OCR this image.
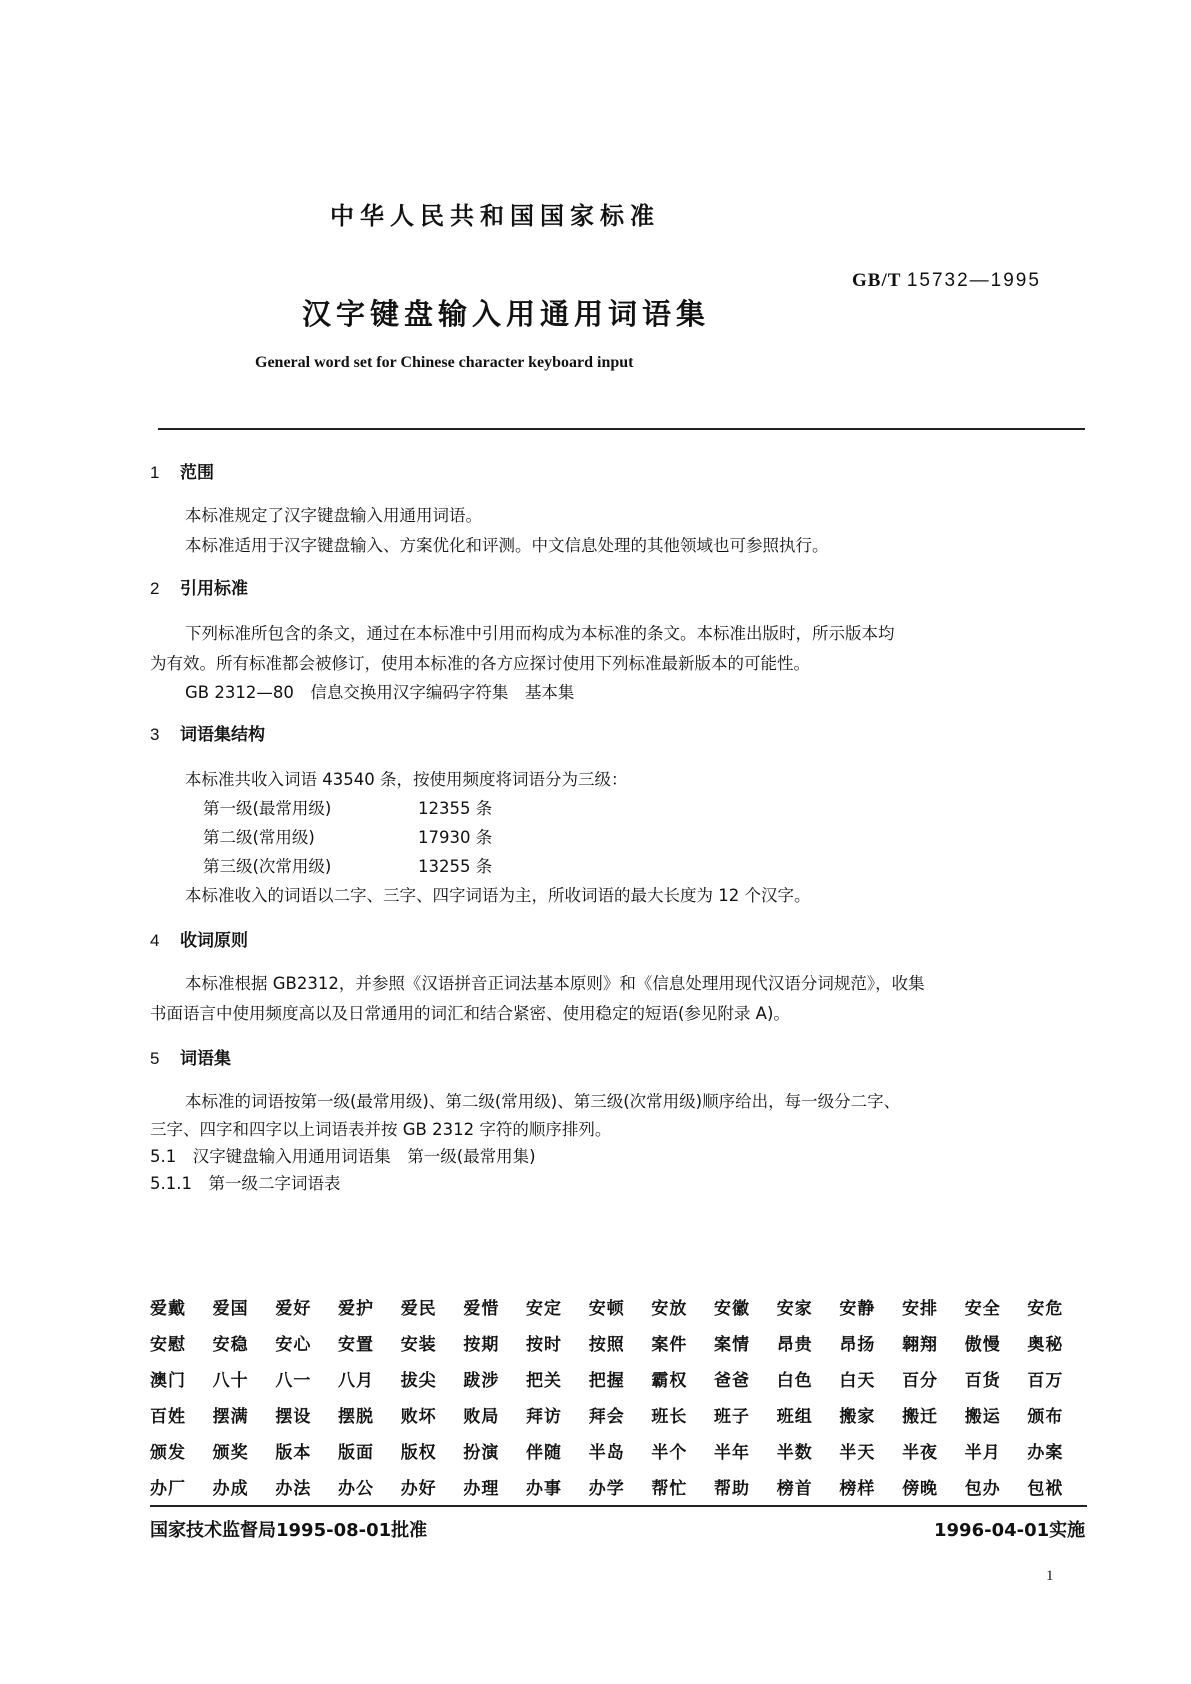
中华人民共和国国家标准
GB/T 15732—1995
汉字键盘输入用通用词语集
General word set for Chinese character keyboard input
1 范围
本标准规定了汉字键盘输入用通用词语。
本标准适用于汉字键盘输入、方案优化和评测。中文信息处理的其他领域也可参照执行。
2 引用标准
下列标准所包含的条文，通过在本标准中引用而构成为本标准的条文。本标准出版时，所示版本均
为有效。所有标准都会被修订，使用本标准的各方应探讨使用下列标准最新版本的可能性。
GB 2312—80　信息交换用汉字编码字符集　基本集
3 词语集结构
本标准共收入词语 43540 条，按使用频度将词语分为三级：
第一级(最常用级)	12355 条
第二级(常用级)	17930 条
第三级(次常用级)	13255 条
本标准收入的词语以二字、三字、四字词语为主，所收词语的最大长度为 12 个汉字。
4 收词原则
本标准根据 GB2312，并参照《汉语拼音正词法基本原则》和《信息处理用现代汉语分词规范》，收集
书面语言中使用频度高以及日常通用的词汇和结合紧密、使用稳定的短语(参见附录 A)。
5 词语集
本标准的词语按第一级(最常用级)、第二级(常用级)、第三级(次常用级)顺序给出，每一级分二字、
三字、四字和四字以上词语表并按 GB 2312 字符的顺序排列。
5.1　汉字键盘输入用通用词语集　第一级(最常用集)
5.1.1　第一级二字词语表
爱戴	爱国	爱好	爱护	爱民	爱惜	安定	安顿	安放	安徽	安家	安静	安排	安全	安危
安慰	安稳	安心	安置	安装	按期	按时	按照	案件	案情	昂贵	昂扬	翱翔	傲慢	奥秘
澳门	八十	八一	八月	拔尖	跋涉	把关	把握	霸权	爸爸	白色	白天	百分	百货	百万
百姓	摆满	摆设	摆脱	败坏	败局	拜访	拜会	班长	班子	班组	搬家	搬迁	搬运	颁布
颁发	颁奖	版本	版面	版权	扮演	伴随	半岛	半个	半年	半数	半天	半夜	半月	办案
办厂	办成	办法	办公	办好	办理	办事	办学	帮忙	帮助	榜首	榜样	傍晚	包办	包袱
国家技术监督局1995-08-01批准	1996-04-01实施
1
